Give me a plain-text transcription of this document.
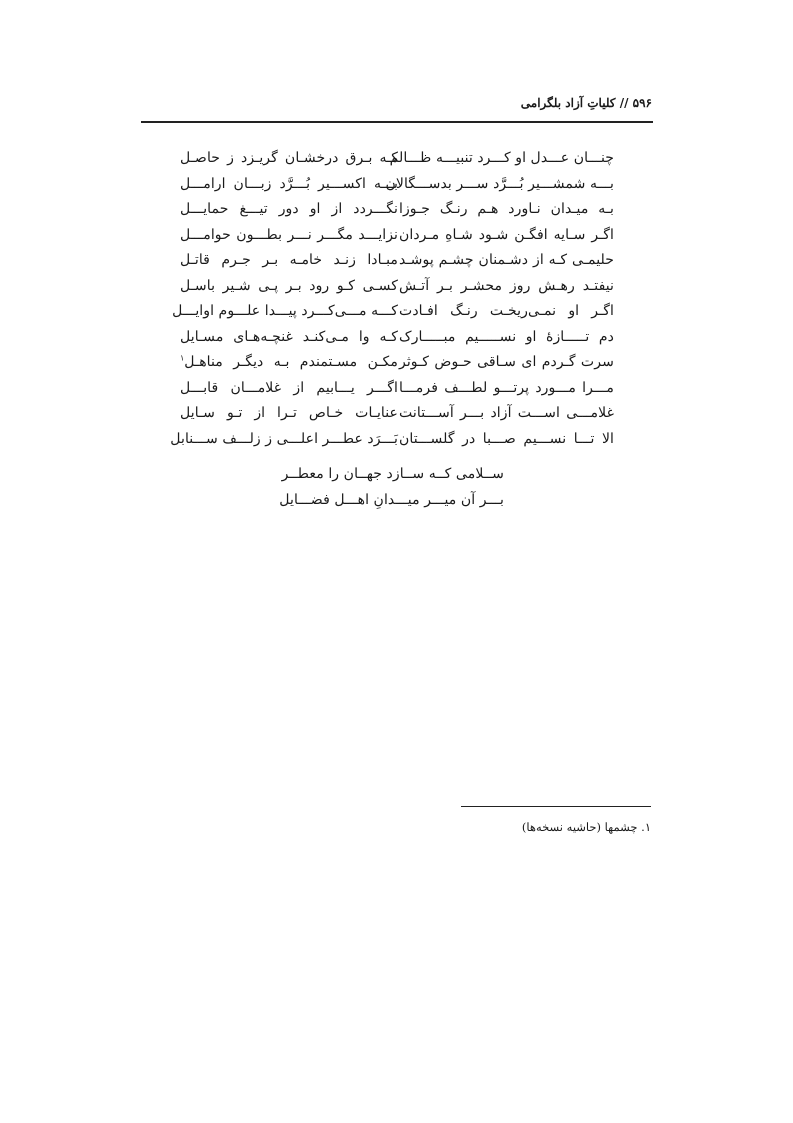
۵۹۶ // کلیاتِ آزاد بلگرامی
چنـــان عـــدل او کـــرد تنبیـــه ظـــالم
کـه بـرق درخشـان گریـزد ز حاصـل
بـــه شمشـــیر بُـــرَّد ســـر بدســـگالان
بـــه اکســـیر بُـــرَّد زبـــان ارامـــل
بـه میـدان نـاورد هـم رنـگ جـوزا
نگـــردد از او دور تیـــغ حمایـــل
اگـر سـایه افگـن شـود شـاهِ مـردان
نزایـــد مگـــر نـــر بطـــون حوامـــل
حلیمـی کـه از دشـمنان چشـم پوشـد
مبـادا زنـد خامـه بـر جـرم قاتـل
نیفتـد رهـش روز محشـر بـر آتـش
کسـی کـو رود بـر پـی شـیر باسـل
اگـر او نمـی‌ریخـت رنـگ افـادت
کـــه مـــی‌کـــرد پیـــدا علـــوم اوایـــل
دم تـــــازهٔ او نســـــیم مبـــــارک
کـه وا مـی‌کنـد غنچـه‌هـای مسـایل
سرت گـردم ای سـاقی حـوض کـوثر
مکـن مسـتمندم بـه دیگـر مناهـل$^۱$
مـــرا مـــورد پرتـــو لطـــف فرمـــا
اگـــر یـــابیم از غلامـــان قابـــل
غلامـــی اســـت آزاد بـــر آســـتانت
عنایـات خـاص تـرا از تـو سـایل
الا تـــا نســـیم صـــبا در گلســـتان
بَـــرَد عطـــر اعلـــی ز زلـــف ســـنابل
ســلامی کــه ســازد جهــان را معطــر
بـــر آن میـــر میـــدانِ اهـــل فضـــایل
۱. چشمها (حاشیه نسخه‌ها)
